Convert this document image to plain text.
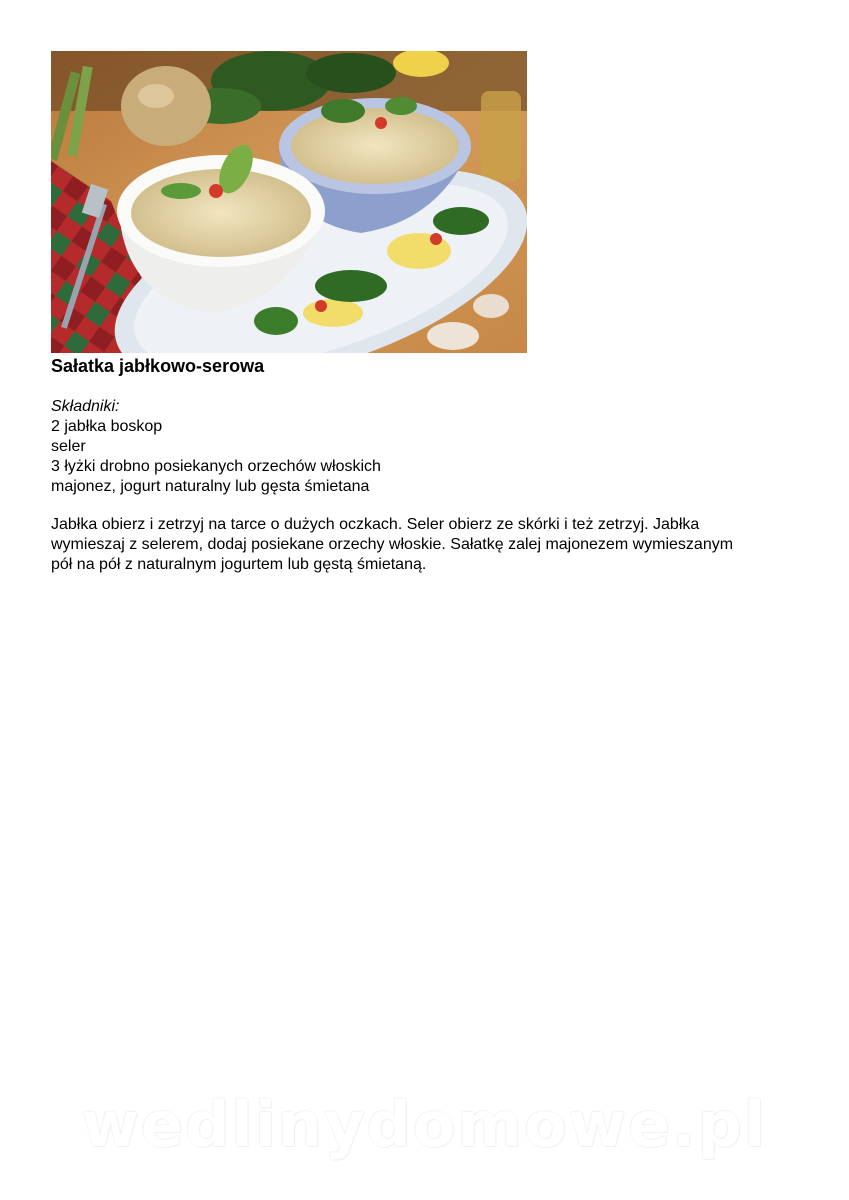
Sałatka jabłkowo-serowa
Składniki:
2 jabłka boskop
seler
3 łyżki drobno posiekanych orzechów włoskich
majonez, jogurt naturalny lub gęsta śmietana

Jabłka obierz i zetrzyj na tarce o dużych oczkach. Seler obierz ze skórki i też zetrzyj. Jabłka

wymieszaj z selerem, dodaj posiekane orzechy włoskie. Sałatkę zalej majonezem wymieszanym

pół na pół z naturalnym jogurtem lub gęstą śmietaną.

wedlinydomowe.pl
